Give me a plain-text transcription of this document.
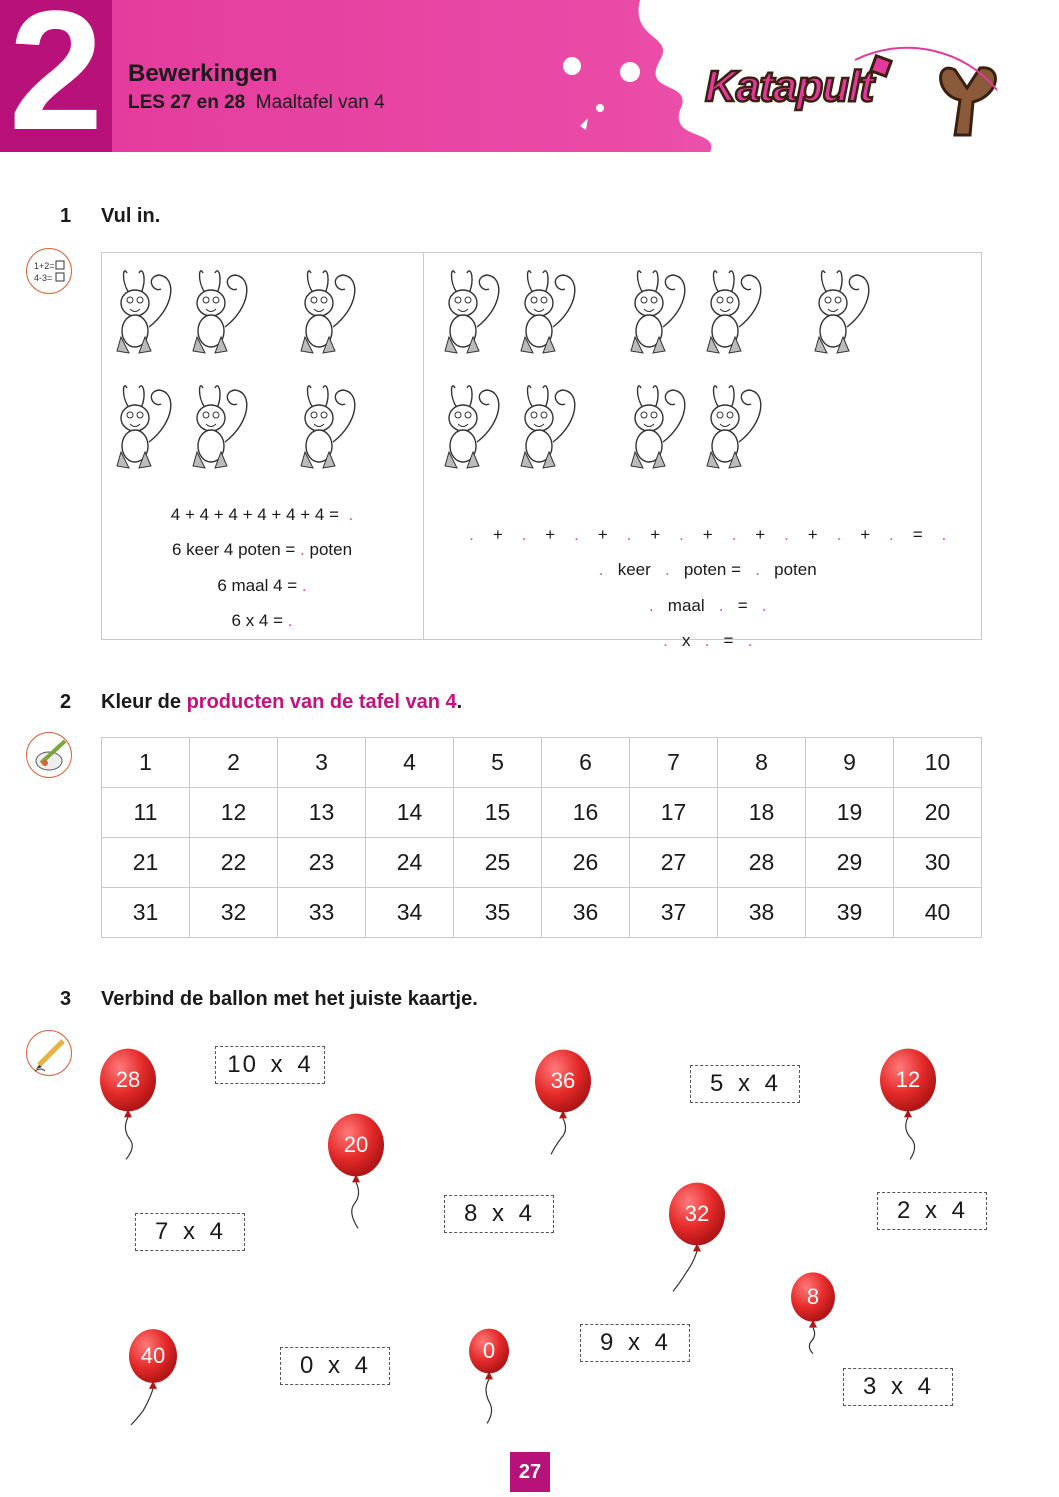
2	Bewerkingen
LES 27 en 28 Maaltafel van 4	Katapult
1 Vul in.
1+2=
4-3=
4 + 4 + 4 + 4 + 4 + 4 =  .
6 keer 4 poten = . poten
6 maal 4 = .
6 x 4 = .

. + . + . + . + . + . + . + . + . = .

. keer . poten = . poten

. maal . = .

. x . = .

2 Kleur de producten van de tafel van 4.
1	2	3	4	5	6	7	8	9	10
11	12	13	14	15	16	17	18	19	20
21	22	23	24	25	26	27	28	29	30
31	32	33	34	35	36	37	38	39	40
3 Verbind de ballon met het juiste kaartje.
28
20
36	12
32
8
40	0
10 x 4
5 x 4
7 x 4
8 x 4	2 x 4
9 x 4
0 x 4
3 x 4
27
